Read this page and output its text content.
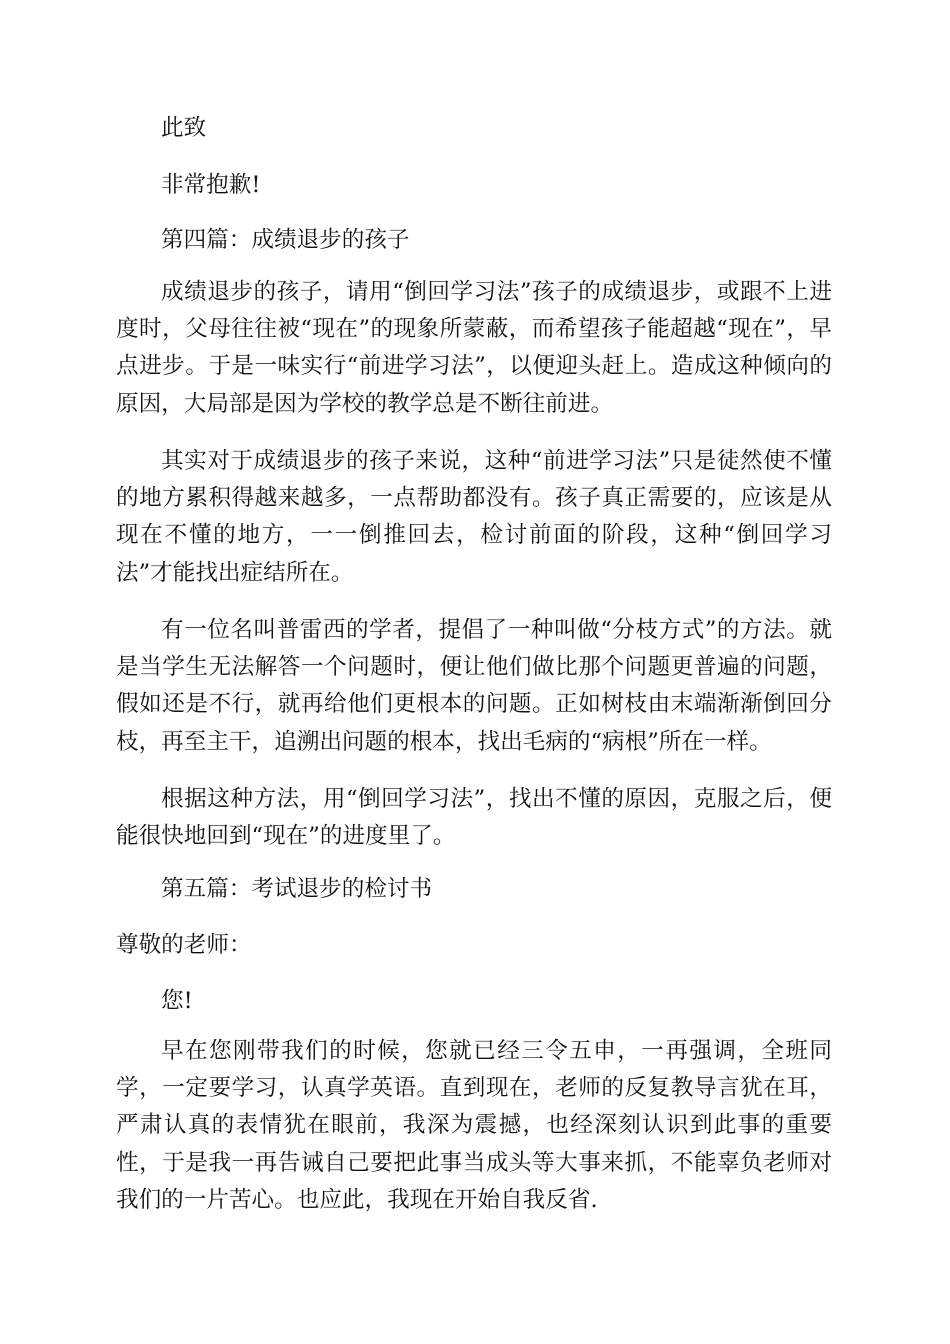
此致

非常抱歉!

第四篇：成绩退步的孩子

成绩退步的孩子，请用“倒回学习法”孩子的成绩退步，或跟不上进度时，父母往往被“现在”的现象所蒙蔽，而希望孩子能超越“现在”，早点进步。于是一味实行“前进学习法”，以便迎头赶上。造成这种倾向的原因，大局部是因为学校的教学总是不断往前进。

其实对于成绩退步的孩子来说，这种“前进学习法”只是徒然使不懂的地方累积得越来越多，一点帮助都没有。孩子真正需要的，应该是从现在不懂的地方，一一倒推回去，检讨前面的阶段，这种“倒回学习法”才能找出症结所在。

有一位名叫普雷西的学者，提倡了一种叫做“分枝方式”的方法。就是当学生无法解答一个问题时，便让他们做比那个问题更普遍的问题，假如还是不行，就再给他们更根本的问题。正如树枝由末端渐渐倒回分枝，再至主干，追溯出问题的根本，找出毛病的“病根”所在一样。

根据这种方法，用“倒回学习法”，找出不懂的原因，克服之后，便能很快地回到“现在”的进度里了。

第五篇：考试退步的检讨书

尊敬的老师：

您!

早在您刚带我们的时候，您就已经三令五申，一再强调，全班同学，一定要学习，认真学英语。直到现在，老师的反复教导言犹在耳，严肃认真的表情犹在眼前，我深为震撼，也经深刻认识到此事的重要性，于是我一再告诫自己要把此事当成头等大事来抓，不能辜负老师对我们的一片苦心。也应此，我现在开始自我反省.
